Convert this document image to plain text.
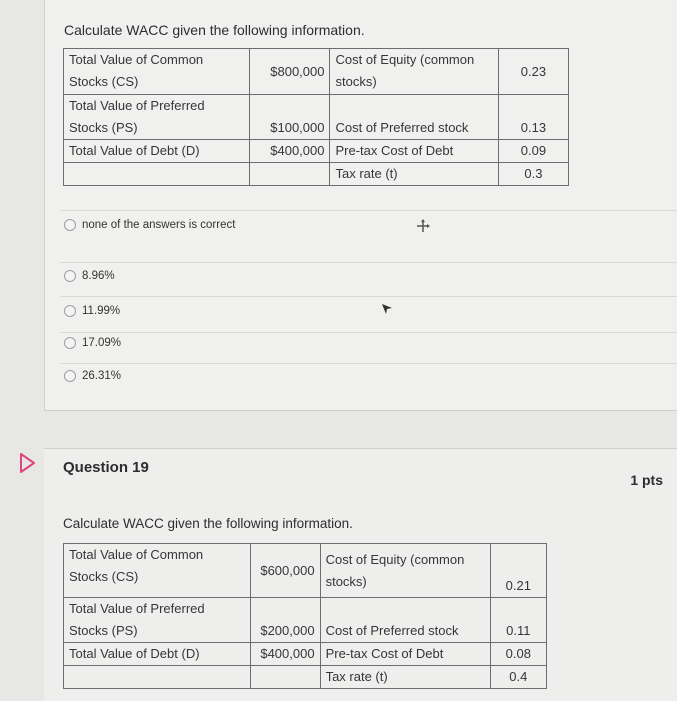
Calculate WACC given the following information.
Total Value of Common Stocks (CS)	$800,000	Cost of Equity (common stocks)	0.23
Total Value of Preferred Stocks (PS)	$100,000	Cost of Preferred stock	0.13
Total Value of Debt (D)	$400,000	Pre-tax Cost of Debt	0.09
		Tax rate (t)	0.3
none of the answers is correct
8.96%
11.99%
17.09%
26.31%
Question 19
1 pts
Calculate WACC given the following information.
Total Value of Common Stocks (CS)	$600,000	Cost of Equity (common stocks)	0.21
Total Value of Preferred Stocks (PS)	$200,000	Cost of Preferred stock	0.11
Total Value of Debt (D)	$400,000	Pre-tax Cost of Debt	0.08
		Tax rate (t)	0.4
